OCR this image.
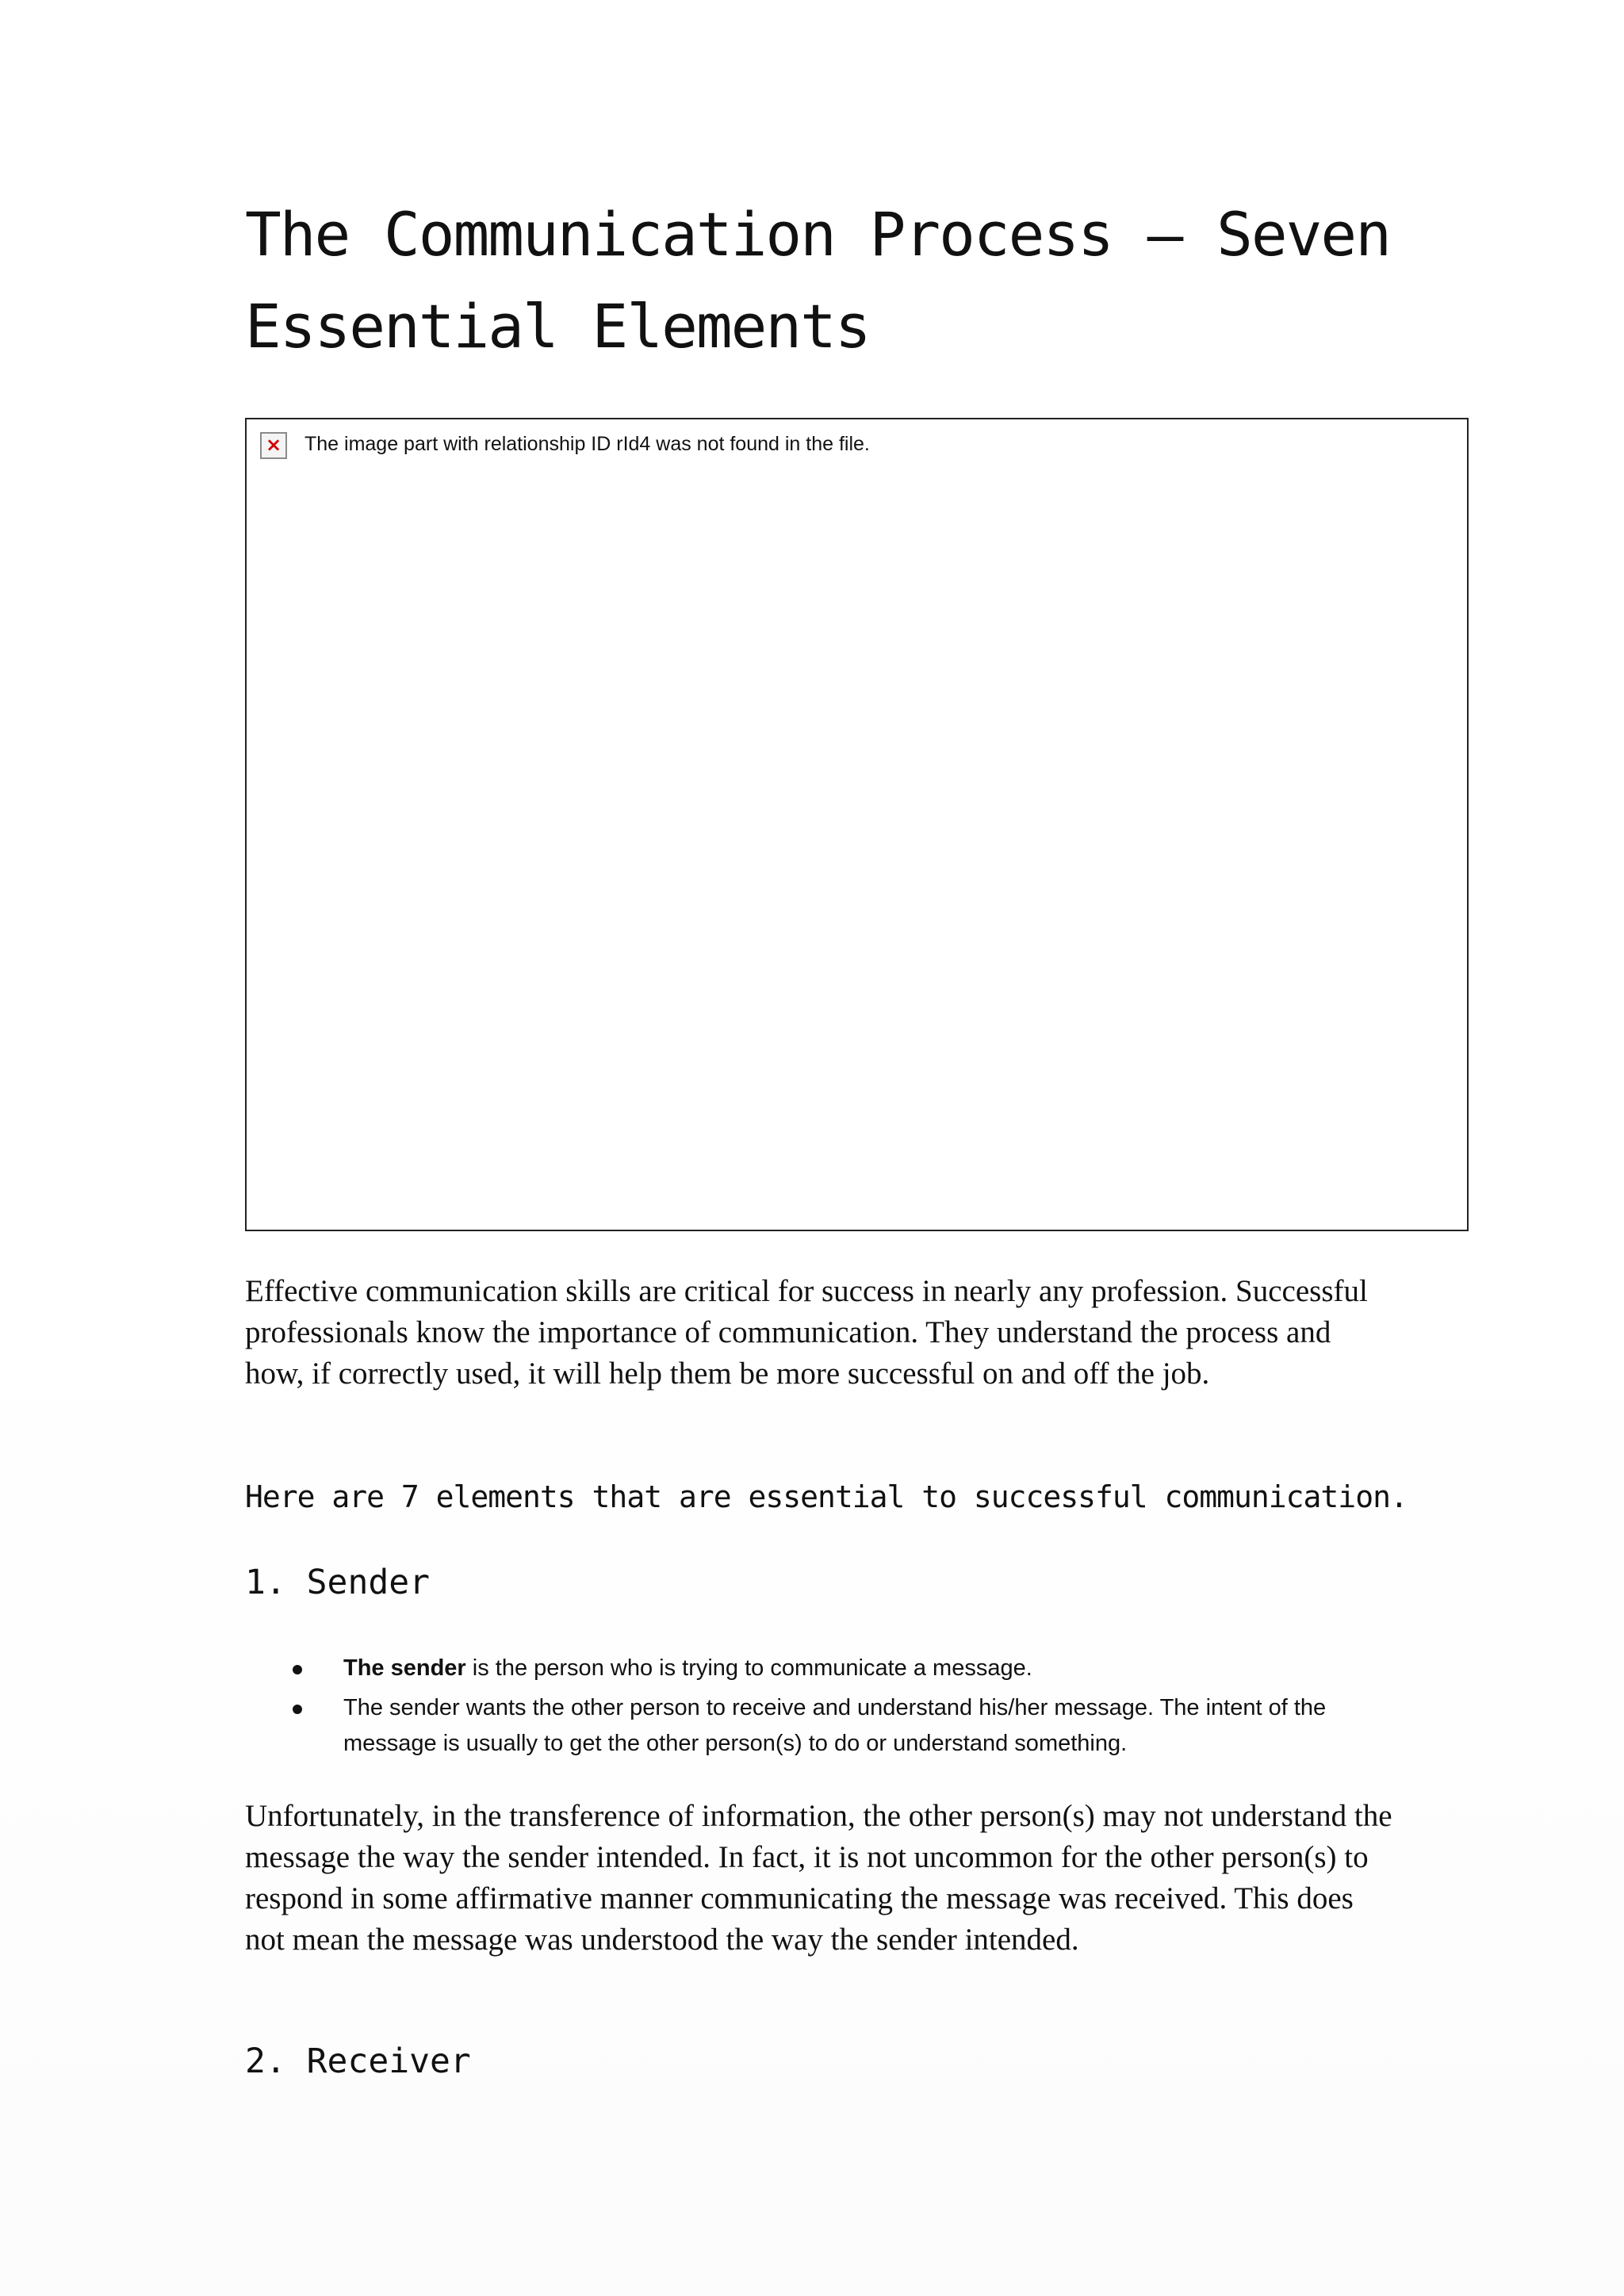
The Communication Process – Seven Essential Elements
× The image part with relationship ID rId4 was not found in the file.

Effective communication skills are critical for success in nearly any profession. Successful professionals know the importance of communication. They understand the process and how, if correctly used, it will help them be more successful on and off the job.

Here are 7 elements that are essential to successful communication.

1. Sender
The sender is the person who is trying to communicate a message.
The sender wants the other person to receive and understand his/her message. The intent of the message is usually to get the other person(s) to do or understand something.

Unfortunately, in the transference of information, the other person(s) may not understand the message the way the sender intended. In fact, it is not uncommon for the other person(s) to respond in some affirmative manner communicating the message was received. This does not mean the message was understood the way the sender intended.

2. Receiver
